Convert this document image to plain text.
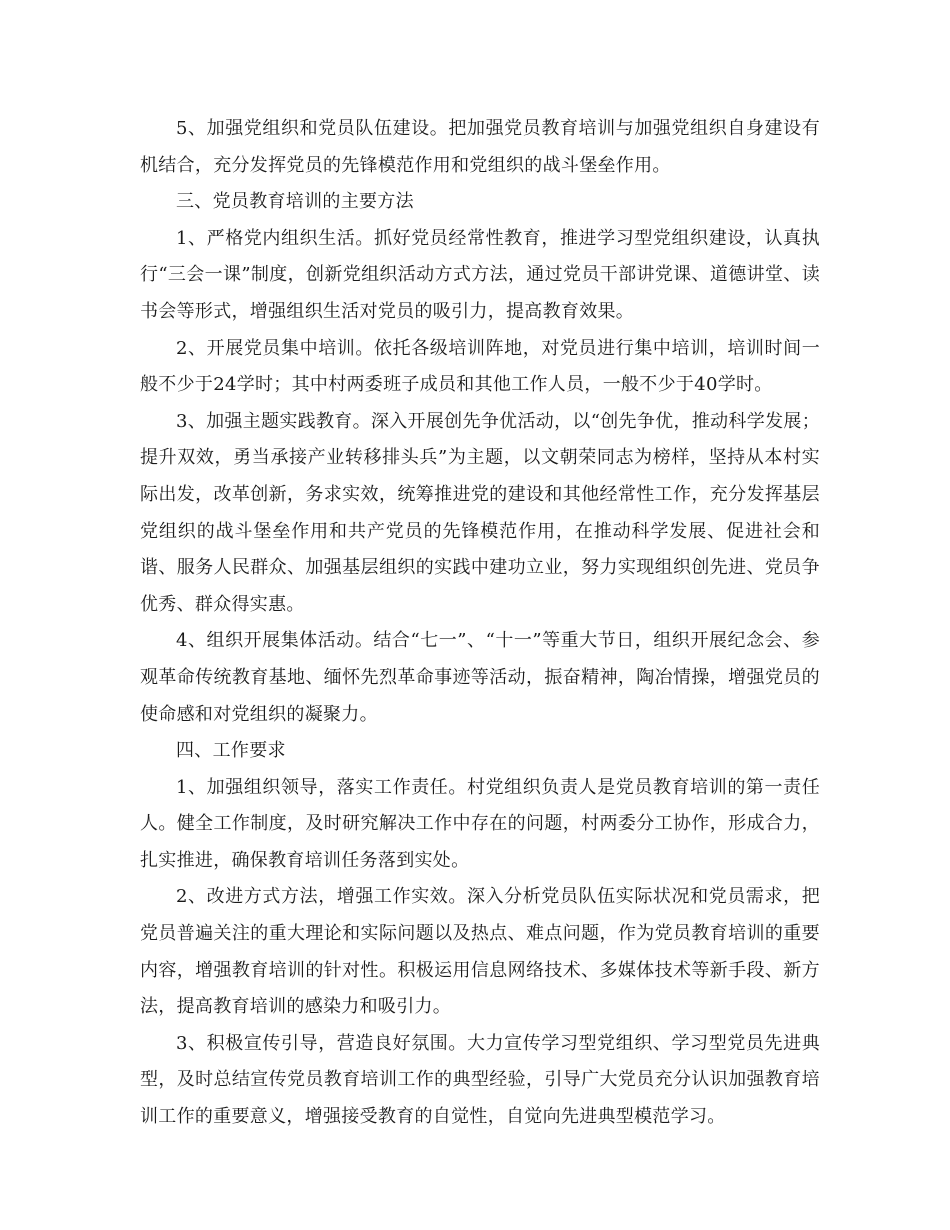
5、加强党组织和党员队伍建设。把加强党员教育培训与加强党组织自身建设有机结合，充分发挥党员的先锋模范作用和党组织的战斗堡垒作用。

三、党员教育培训的主要方法

1、严格党内组织生活。抓好党员经常性教育，推进学习型党组织建设，认真执行“三会一课”制度，创新党组织活动方式方法，通过党员干部讲党课、道德讲堂、读书会等形式，增强组织生活对党员的吸引力，提高教育效果。

2、开展党员集中培训。依托各级培训阵地，对党员进行集中培训，培训时间一般不少于24学时；其中村两委班子成员和其他工作人员，一般不少于40学时。

3、加强主题实践教育。深入开展创先争优活动，以“创先争优，推动科学发展；提升双效，勇当承接产业转移排头兵”为主题，以文朝荣同志为榜样，坚持从本村实际出发，改革创新，务求实效，统筹推进党的建设和其他经常性工作，充分发挥基层党组织的战斗堡垒作用和共产党员的先锋模范作用，在推动科学发展、促进社会和谐、服务人民群众、加强基层组织的实践中建功立业，努力实现组织创先进、党员争优秀、群众得实惠。

4、组织开展集体活动。结合“七一”、“十一”等重大节日，组织开展纪念会、参观革命传统教育基地、缅怀先烈革命事迹等活动，振奋精神，陶冶情操，增强党员的使命感和对党组织的凝聚力。

四、工作要求

1、加强组织领导，落实工作责任。村党组织负责人是党员教育培训的第一责任人。健全工作制度，及时研究解决工作中存在的问题，村两委分工协作，形成合力，扎实推进，确保教育培训任务落到实处。

2、改进方式方法，增强工作实效。深入分析党员队伍实际状况和党员需求，把党员普遍关注的重大理论和实际问题以及热点、难点问题，作为党员教育培训的重要内容，增强教育培训的针对性。积极运用信息网络技术、多媒体技术等新手段、新方法，提高教育培训的感染力和吸引力。

3、积极宣传引导，营造良好氛围。大力宣传学习型党组织、学习型党员先进典型，及时总结宣传党员教育培训工作的典型经验，引导广大党员充分认识加强教育培训工作的重要意义，增强接受教育的自觉性，自觉向先进典型模范学习。
